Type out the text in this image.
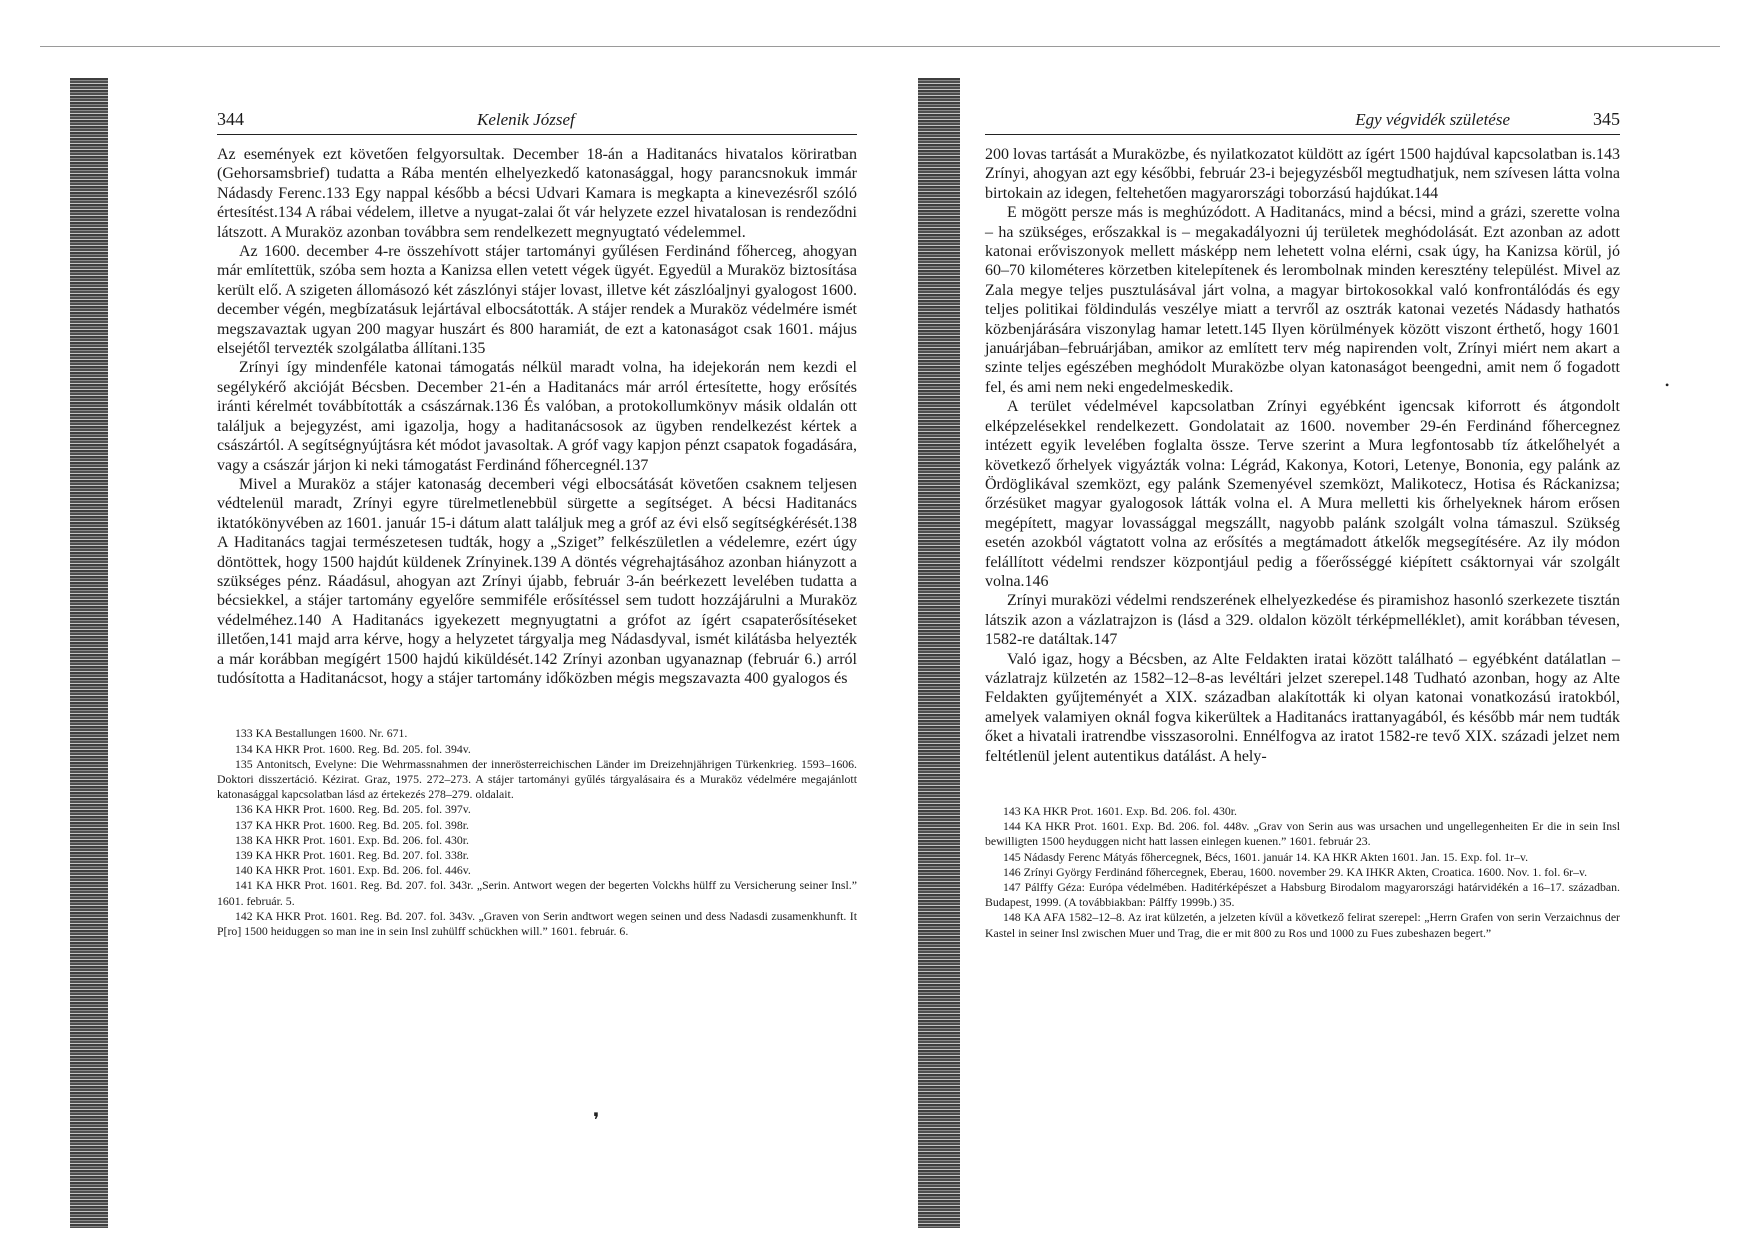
344	Kelenik József

Az események ezt követően felgyorsultak. December 18-án a Haditanács hivatalos köriratban (Gehorsamsbrief) tudatta a Rába mentén elhelyezkedő katonasággal, hogy parancsnokuk immár Nádasdy Ferenc.133 Egy nappal később a bécsi Udvari Kamara is megkapta a kinevezésről szóló értesítést.134 A rábai védelem, illetve a nyugat-zalai őt vár helyzete ezzel hivatalosan is rendeződni látszott. A Muraköz azonban továbbra sem rendelkezett megnyugtató védelemmel.

Az 1600. december 4-re összehívott stájer tartományi gyűlésen Ferdinánd főherceg, ahogyan már említettük, szóba sem hozta a Kanizsa ellen vetett végek ügyét. Egyedül a Muraköz biztosítása került elő. A szigeten állomásozó két zászlónyi stájer lovast, illetve két zászlóaljnyi gyalogost 1600. december végén, megbízatásuk lejártával elbocsátották. A stájer rendek a Muraköz védelmére ismét megszavaztak ugyan 200 magyar huszárt és 800 haramiát, de ezt a katonaságot csak 1601. május elsejétől tervezték szolgálatba állítani.135

Zrínyi így mindenféle katonai támogatás nélkül maradt volna, ha idejekorán nem kezdi el segélykérő akcióját Bécsben. December 21-én a Haditanács már arról értesítette, hogy erősítés iránti kérelmét továbbították a császárnak.136 És valóban, a protokollumkönyv másik oldalán ott találjuk a bejegyzést, ami igazolja, hogy a haditanácsosok az ügyben rendelkezést kértek a császártól. A segítségnyújtásra két módot javasoltak. A gróf vagy kapjon pénzt csapatok fogadására, vagy a császár járjon ki neki támogatást Ferdinánd főhercegnél.137

Mivel a Muraköz a stájer katonaság decemberi végi elbocsátását követően csaknem teljesen védtelenül maradt, Zrínyi egyre türelmetlenebbül sürgette a segítséget. A bécsi Haditanács iktatókönyvében az 1601. január 15-i dátum alatt találjuk meg a gróf az évi első segítségkérését.138 A Haditanács tagjai természetesen tudták, hogy a „Sziget” felkészületlen a védelemre, ezért úgy döntöttek, hogy 1500 hajdút küldenek Zrínyinek.139 A döntés végrehajtásához azonban hiányzott a szükséges pénz. Ráadásul, ahogyan azt Zrínyi újabb, február 3-án beérkezett levelében tudatta a bécsiekkel, a stájer tartomány egyelőre semmiféle erősítéssel sem tudott hozzájárulni a Muraköz védelméhez.140 A Haditanács igyekezett megnyugtatni a grófot az ígért csapaterősítéseket illetően,141 majd arra kérve, hogy a helyzetet tárgyalja meg Nádasdyval, ismét kilátásba helyezték a már korábban megígért 1500 hajdú kiküldését.142 Zrínyi azonban ugyanaznap (február 6.) arról tudósította a Haditanácsot, hogy a stájer tartomány időközben mégis megszavazta 400 gyalogos és

133 KA Bestallungen 1600. Nr. 671.

134 KA HKR Prot. 1600. Reg. Bd. 205. fol. 394v.

135 Antonitsch, Evelyne: Die Wehrmassnahmen der innerösterreichischen Länder im Dreizehnjährigen Türkenkrieg. 1593–1606. Doktori disszertáció. Kézirat. Graz, 1975. 272–273. A stájer tartományi gyűlés tárgyalásaira és a Muraköz védelmére megajánlott katonasággal kapcsolatban lásd az értekezés 278–279. oldalait.

136 KA HKR Prot. 1600. Reg. Bd. 205. fol. 397v.

137 KA HKR Prot. 1600. Reg. Bd. 205. fol. 398r.

138 KA HKR Prot. 1601. Exp. Bd. 206. fol. 430r.

139 KA HKR Prot. 1601. Reg. Bd. 207. fol. 338r.

140 KA HKR Prot. 1601. Exp. Bd. 206. fol. 446v.

141 KA HKR Prot. 1601. Reg. Bd. 207. fol. 343r. „Serin. Antwort wegen der begerten Volckhs hülff zu Versicherung seiner Insl.” 1601. február. 5.

142 KA HKR Prot. 1601. Reg. Bd. 207. fol. 343v. „Graven von Serin andtwort wegen seinen und dess Nadasdi zusamenkhunft. It P[ro] 1500 heiduggen so man ine in sein Insl zuhülff schückhen will.” 1601. február. 6.

Egy végvidék születése	345

200 lovas tartását a Muraközbe, és nyilatkozatot küldött az ígért 1500 hajdúval kapcsolatban is.143 Zrínyi, ahogyan azt egy későbbi, február 23-i bejegyzésből megtudhatjuk, nem szívesen látta volna birtokain az idegen, feltehetően magyarországi toborzású hajdúkat.144

E mögött persze más is meghúzódott. A Haditanács, mind a bécsi, mind a grázi, szerette volna – ha szükséges, erőszakkal is – megakadályozni új területek meghódolását. Ezt azonban az adott katonai erőviszonyok mellett másképp nem lehetett volna elérni, csak úgy, ha Kanizsa körül, jó 60–70 kilométeres körzetben kitelepítenek és lerombolnak minden keresztény települést. Mivel az Zala megye teljes pusztulásával járt volna, a magyar birtokosokkal való konfrontálódás és egy teljes politikai földindulás veszélye miatt a tervről az osztrák katonai vezetés Nádasdy hathatós közbenjárására viszonylag hamar letett.145 Ilyen körülmények között viszont érthető, hogy 1601 januárjában–februárjában, amikor az említett terv még napirenden volt, Zrínyi miért nem akart a szinte teljes egészében meghódolt Muraközbe olyan katonaságot beengedni, amit nem ő fogadott fel, és ami nem neki engedelmeskedik.

A terület védelmével kapcsolatban Zrínyi egyébként igencsak kiforrott és átgondolt elképzelésekkel rendelkezett. Gondolatait az 1600. november 29-én Ferdinánd főhercegnez intézett egyik levelében foglalta össze. Terve szerint a Mura legfontosabb tíz átkelőhelyét a következő őrhelyek vigyázták volna: Légrád, Kakonya, Kotori, Letenye, Bononia, egy palánk az Ördöglikával szemközt, egy palánk Szemenyével szemközt, Malikotecz, Hotisa és Ráckanizsa; őrzésüket magyar gyalogosok látták volna el. A Mura melletti kis őrhelyeknek három erősen megépített, magyar lovassággal megszállt, nagyobb palánk szolgált volna támaszul. Szükség esetén azokból vágtatott volna az erősítés a megtámadott átkelők megsegítésére. Az ily módon felállított védelmi rendszer központjául pedig a főerősséggé kiépített csáktornyai vár szolgált volna.146

Zrínyi muraközi védelmi rendszerének elhelyezkedése és piramishoz hasonló szerkezete tisztán látszik azon a vázlatrajzon is (lásd a 329. oldalon közölt térképmelléklet), amit korábban tévesen, 1582-re datáltak.147

Való igaz, hogy a Bécsben, az Alte Feldakten iratai között található – egyébként datálatlan – vázlatrajz külzetén az 1582–12–8-as levéltári jelzet szerepel.148 Tudható azonban, hogy az Alte Feldakten gyűjteményét a XIX. században alakították ki olyan katonai vonatkozású iratokból, amelyek valamiyen oknál fogva kikerültek a Haditanács irattanyagából, és később már nem tudták őket a hivatali iratrendbe visszasorolni. Ennélfogva az iratot 1582-re tevő XIX. századi jelzet nem feltétlenül jelent autentikus datálást. A hely-

143 KA HKR Prot. 1601. Exp. Bd. 206. fol. 430r.

144 KA HKR Prot. 1601. Exp. Bd. 206. fol. 448v. „Grav von Serin aus was ursachen und ungellegenheiten Er die in sein Insl bewilligten 1500 heyduggen nicht hatt lassen einlegen kuenen.” 1601. február 23.

145 Nádasdy Ferenc Mátyás főhercegnek, Bécs, 1601. január 14. KA HKR Akten 1601. Jan. 15. Exp. fol. 1r–v.

146 Zrínyi György Ferdinánd főhercegnek, Eberau, 1600. november 29. KA IHKR Akten, Croatica. 1600. Nov. 1. fol. 6r–v.

147 Pálffy Géza: Európa védelmében. Haditérképészet a Habsburg Birodalom magyarországi határvidékén a 16–17. században. Budapest, 1999. (A továbbiakban: Pálffy 1999b.) 35.

148 KA AFA 1582–12–8. Az irat külzetén, a jelzeten kívül a következő felirat szerepel: „Herrn Grafen von serin Verzaichnus der Kastel in seiner Insl zwischen Muer und Trag, die er mit 800 zu Ros und 1000 zu Fues zubeshazen begert.”

❜
•
